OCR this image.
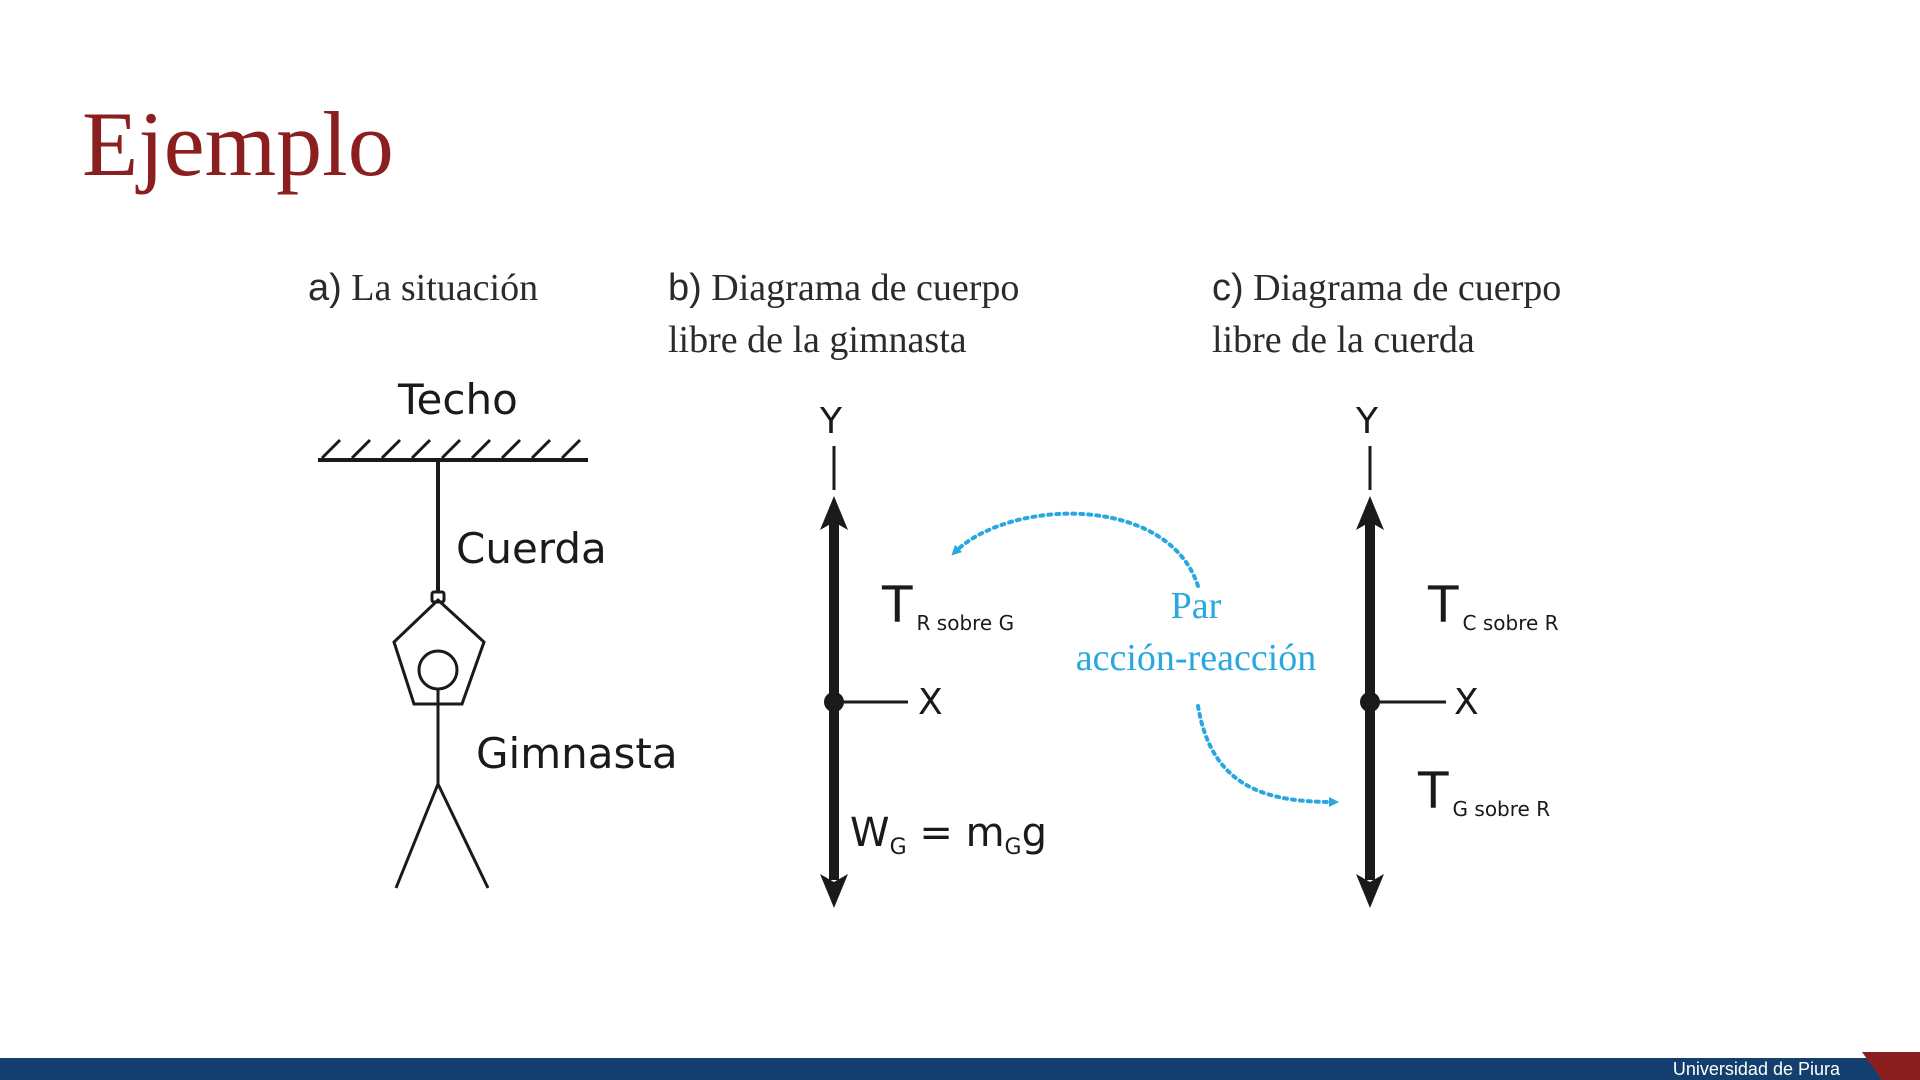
Ejemplo
a) La situación	b) Diagrama de cuerpo
libre de la gimnasta
c) Diagrama de cuerpo
libre de la cuerda
Techo
Cuerda
Gimnasta
Y
X
T R sobre G
$W_G = m_Gg$
Par
acción-reacción
Y
X
T C sobre R
T G sobre R
Universidad de Piura
